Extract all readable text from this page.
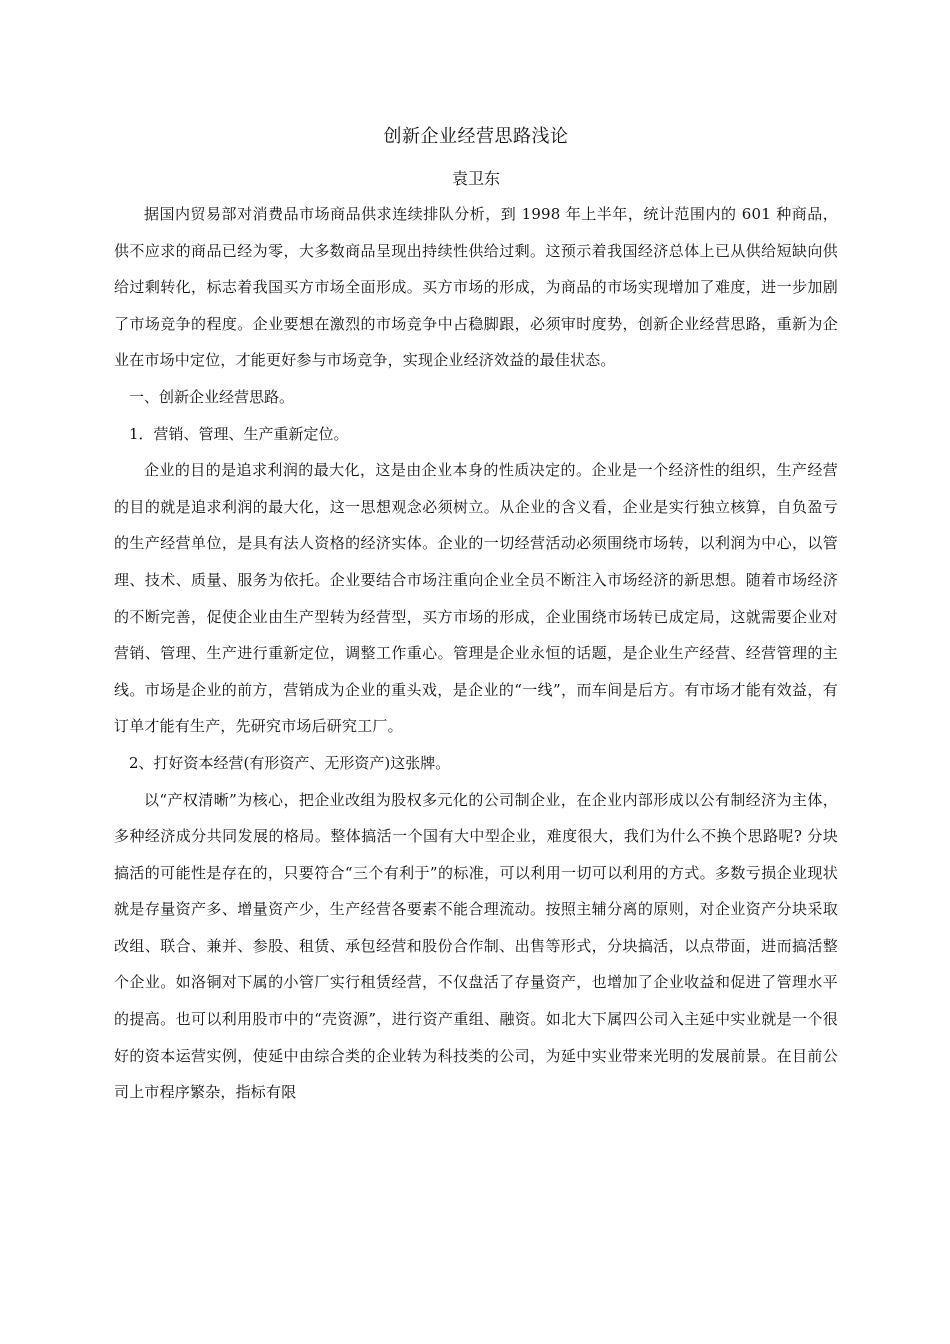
创新企业经营思路浅论
袁卫东

据国内贸易部对消费品市场商品供求连续排队分析，到 1998 年上半年，统计范围内的 601 种商品，供不应求的商品已经为零，大多数商品呈现出持续性供给过剩。这预示着我国经济总体上已从供给短缺向供给过剩转化，标志着我国买方市场全面形成。买方市场的形成，为商品的市场实现增加了难度，进一步加剧了市场竞争的程度。企业要想在激烈的市场竞争中占稳脚跟，必须审时度势，创新企业经营思路，重新为企业在市场中定位，才能更好参与市场竞争，实现企业经济效益的最佳状态。

一、创新企业经营思路。

1．营销、管理、生产重新定位。

企业的目的是追求利润的最大化，这是由企业本身的性质决定的。企业是一个经济性的组织，生产经营的目的就是追求利润的最大化，这一思想观念必须树立。从企业的含义看，企业是实行独立核算，自负盈亏的生产经营单位，是具有法人资格的经济实体。企业的一切经营活动必须围绕市场转，以利润为中心，以管理、技术、质量、服务为依托。企业要结合市场注重向企业全员不断注入市场经济的新思想。随着市场经济的不断完善，促使企业由生产型转为经营型，买方市场的形成，企业围绕市场转已成定局，这就需要企业对营销、管理、生产进行重新定位，调整工作重心。管理是企业永恒的话题，是企业生产经营、经营管理的主线。市场是企业的前方，营销成为企业的重头戏，是企业的“一线”，而车间是后方。有市场才能有效益，有订单才能有生产，先研究市场后研究工厂。

2、打好资本经营(有形资产、无形资产)这张牌。

以“产权清晰”为核心，把企业改组为股权多元化的公司制企业，在企业内部形成以公有制经济为主体，多种经济成分共同发展的格局。整体搞活一个国有大中型企业，难度很大，我们为什么不换个思路呢? 分块搞活的可能性是存在的，只要符合“三个有利于”的标准，可以利用一切可以利用的方式。多数亏损企业现状就是存量资产多、增量资产少，生产经营各要素不能合理流动。按照主辅分离的原则，对企业资产分块采取改组、联合、兼并、参股、租赁、承包经营和股份合作制、出售等形式，分块搞活，以点带面，进而搞活整个企业。如洛铜对下属的小管厂实行租赁经营，不仅盘活了存量资产，也增加了企业收益和促进了管理水平的提高。也可以利用股市中的“壳资源”，进行资产重组、融资。如北大下属四公司入主延中实业就是一个很好的资本运营实例，使延中由综合类的企业转为科技类的公司，为延中实业带来光明的发展前景。在目前公司上市程序繁杂，指标有限
